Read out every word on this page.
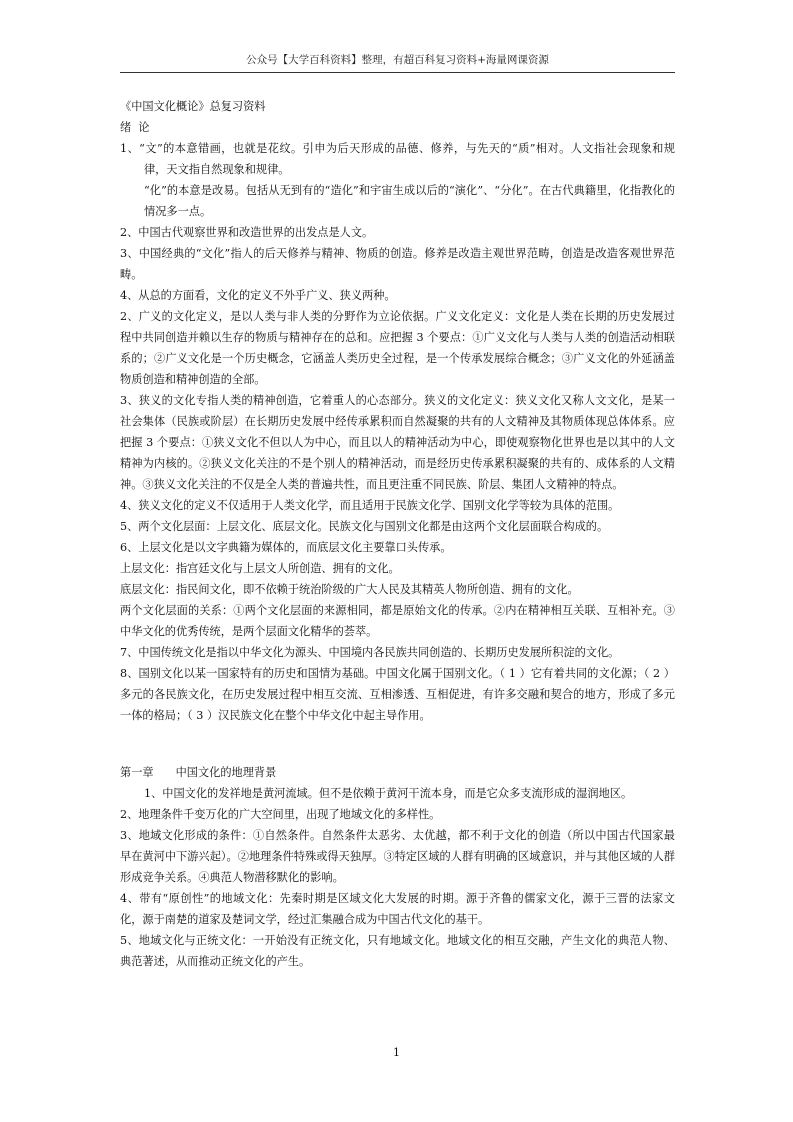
公众号【大学百科资料】整理，有超百科复习资料+海量网课资源

《中国文化概论》总复习资料

绪  论

1、“文”的本意错画，也就是花纹。引申为后天形成的品德、修养，与先天的“质”相对。人文指社会现象和规律，天文指自然现象和规律。

“化”的本意是改易。包括从无到有的“造化”和宇宙生成以后的“演化”、“分化”。在古代典籍里，化指教化的情况多一点。

2、中国古代观察世界和改造世界的出发点是人文。

3、中国经典的“文化”指人的后天修养与精神、物质的创造。修养是改造主观世界范畴，创造是改造客观世界范畴。

4、从总的方面看，文化的定义不外乎广义、狭义两种。

2、广义的文化定义，是以人类与非人类的分野作为立论依据。广义文化定义：文化是人类在长期的历史发展过程中共同创造并赖以生存的物质与精神存在的总和。应把握 3 个要点：①广义文化与人类与人类的创造活动相联系的；②广义文化是一个历史概念，它涵盖人类历史全过程，是一个传承发展综合概念；③广义文化的外延涵盖物质创造和精神创造的全部。

3、狭义的文化专指人类的精神创造，它着重人的心态部分。狭义的文化定义：狭义文化又称人文文化，是某一社会集体（民族或阶层）在长期历史发展中经传承累积而自然凝聚的共有的人文精神及其物质体现总体体系。应把握 3 个要点：①狭义文化不但以人为中心，而且以人的精神活动为中心，即使观察物化世界也是以其中的人文精神为内核的。②狭义文化关注的不是个别人的精神活动，而是经历史传承累积凝聚的共有的、成体系的人文精神。③狭义文化关注的不仅是全人类的普遍共性，而且更注重不同民族、阶层、集团人文精神的特点。

4、狭义文化的定义不仅适用于人类文化学，而且适用于民族文化学、国别文化学等较为具体的范围。

5、两个文化层面：上层文化、底层文化。民族文化与国别文化都是由这两个文化层面联合构成的。

6、上层文化是以文字典籍为媒体的，而底层文化主要靠口头传承。

上层文化：指宫廷文化与上层文人所创造、拥有的文化。

底层文化：指民间文化，即不依赖于统治阶级的广大人民及其精英人物所创造、拥有的文化。

两个文化层面的关系：①两个文化层面的来源相同，都是原始文化的传承。②内在精神相互关联、互相补充。③中华文化的优秀传统，是两个层面文化精华的荟萃。

7、中国传统文化是指以中华文化为源头、中国境内各民族共同创造的、长期历史发展所积淀的文化。

8、国别文化以某一国家特有的历史和国情为基础。中国文化属于国别文化。（ 1 ）它有着共同的文化源；（ 2 ）多元的各民族文化，在历史发展过程中相互交流、互相渗透、互相促进，有许多交融和契合的地方，形成了多元一体的格局；（ 3 ）汉民族文化在整个中华文化中起主导作用。

第一章 中国文化的地理背景

1、中国文化的发祥地是黄河流域。但不是依赖于黄河干流本身，而是它众多支流形成的湿润地区。

2、地理条件千变万化的广大空间里，出现了地域文化的多样性。

3、地域文化形成的条件：①自然条件。自然条件太恶劣、太优越，都不利于文化的创造（所以中国古代国家最早在黄河中下游兴起）。②地理条件特殊或得天独厚。③特定区域的人群有明确的区域意识，并与其他区域的人群形成竞争关系。④典范人物潜移默化的影响。

4、带有“原创性”的地域文化：先秦时期是区域文化大发展的时期。源于齐鲁的儒家文化，源于三晋的法家文化，源于南楚的道家及楚词文学，经过汇集融合成为中国古代文化的基干。

5、地域文化与正统文化：一开始没有正统文化，只有地域文化。地域文化的相互交融，产生文化的典范人物、典范著述，从而推动正统文化的产生。

1
